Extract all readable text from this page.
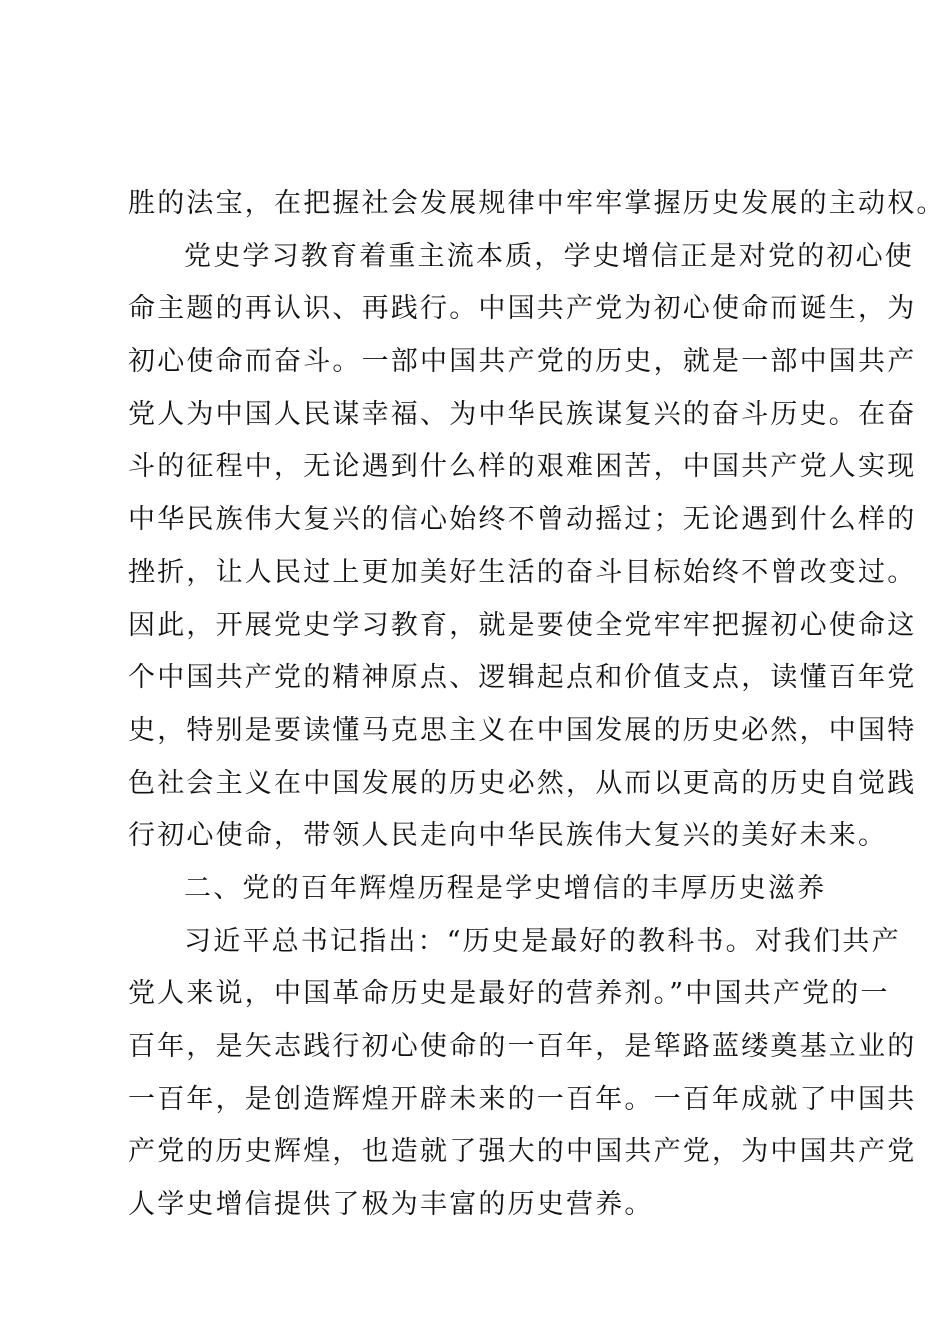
胜的法宝，在把握社会发展规律中牢牢掌握历史发展的主动权。
党史学习教育着重主流本质，学史增信正是对党的初心使
命主题的再认识、再践行。中国共产党为初心使命而诞生，为
初心使命而奋斗。一部中国共产党的历史，就是一部中国共产
党人为中国人民谋幸福、为中华民族谋复兴的奋斗历史。在奋
斗的征程中，无论遇到什么样的艰难困苦，中国共产党人实现
中华民族伟大复兴的信心始终不曾动摇过；无论遇到什么样的
挫折，让人民过上更加美好生活的奋斗目标始终不曾改变过。
因此，开展党史学习教育，就是要使全党牢牢把握初心使命这
个中国共产党的精神原点、逻辑起点和价值支点，读懂百年党
史，特别是要读懂马克思主义在中国发展的历史必然，中国特
色社会主义在中国发展的历史必然，从而以更高的历史自觉践
行初心使命，带领人民走向中华民族伟大复兴的美好未来。
二、党的百年辉煌历程是学史增信的丰厚历史滋养
习近平总书记指出：“历史是最好的教科书。对我们共产
党人来说，中国革命历史是最好的营养剂。”中国共产党的一
百年，是矢志践行初心使命的一百年，是筚路蓝缕奠基立业的
一百年，是创造辉煌开辟未来的一百年。一百年成就了中国共
产党的历史辉煌，也造就了强大的中国共产党，为中国共产党
人学史增信提供了极为丰富的历史营养。
